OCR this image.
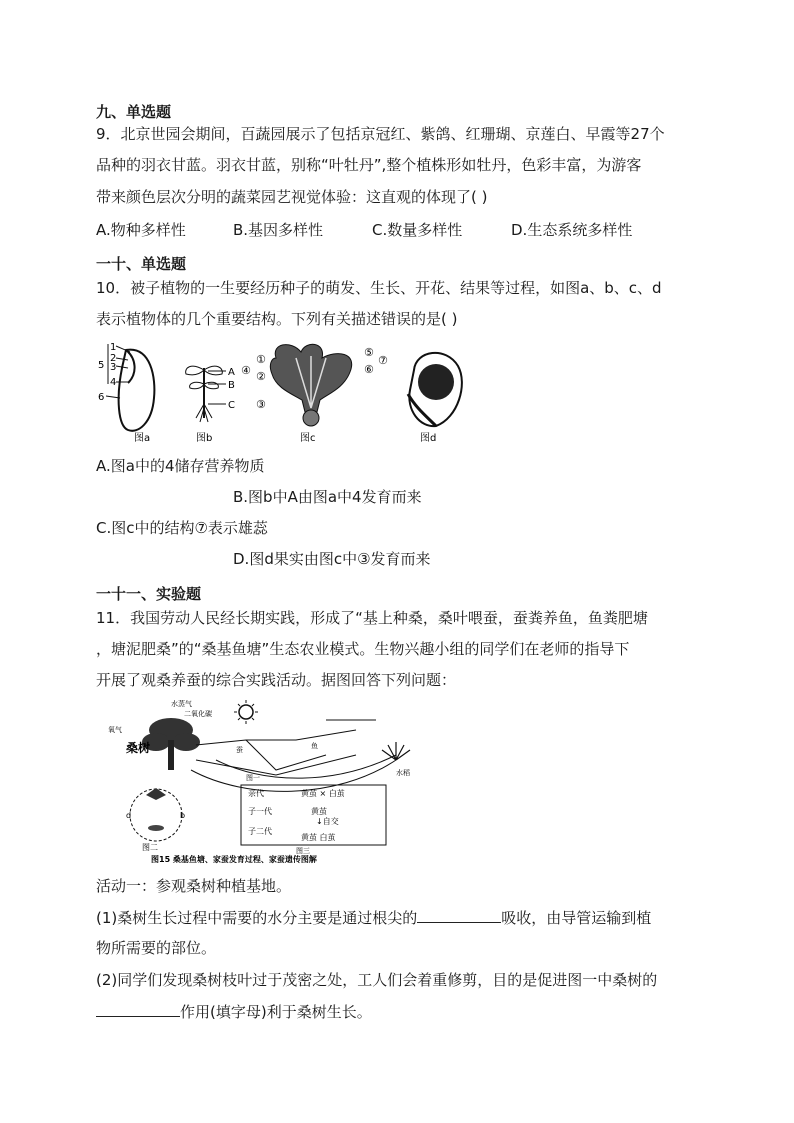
九、单选题
9．北京世园会期间，百蔬园展示了包括京冠红、紫鸽、红珊瑚、京莲白、早霞等27个
品种的羽衣甘蓝。羽衣甘蓝，别称“叶牡丹”,整个植株形如牡丹，色彩丰富，为游客
带来颜色层次分明的蔬菜园艺视觉体验：这直观的体现了( )
A.物种多样性	B.基因多样性	C.数量多样性	D.生态系统多样性
一十、单选题
10．被子植物的一生要经历种子的萌发、生长、开花、结果等过程，如图a、b、c、d
表示植物体的几个重要结构。下列有关描述错误的是( )
1
2
3
5
4
6
图a
A
B
C
图b
①
②
④
③
⑤
⑥
⑦
图c	图d
A.图a中的4储存营养物质
B.图b中A由图a中4发育而来
C.图c中的结构⑦表示雄蕊
D.图d果实由图c中③发育而来
一十一、实验题
11．我国劳动人民经长期实践，形成了“基上种桑，桑叶喂蚕，蚕粪养鱼，鱼粪肥塘
，塘泥肥桑”的“桑基鱼塘”生态农业模式。生物兴趣小组的同学们在老师的指导下
开展了观桑养蚕的综合实践活动。据图回答下列问题：
桑树
水蒸气
二氧化碳
氧气
蚕	鱼
水稻
图一
d	b
图二
亲代
子一代
子二代
黄茧 × 白茧
黄茧
↓自交
黄茧 白茧
图三
图15 桑基鱼塘、家蚕发育过程、家蚕遗传图解
活动一：参观桑树种植基地。
(1)桑树生长过程中需要的水分主要是通过根尖的	吸收，由导管运输到植
物所需要的部位。
(2)同学们发现桑树枝叶过于茂密之处，工人们会着重修剪，目的是促进图一中桑树的
作用(填字母)利于桑树生长。
